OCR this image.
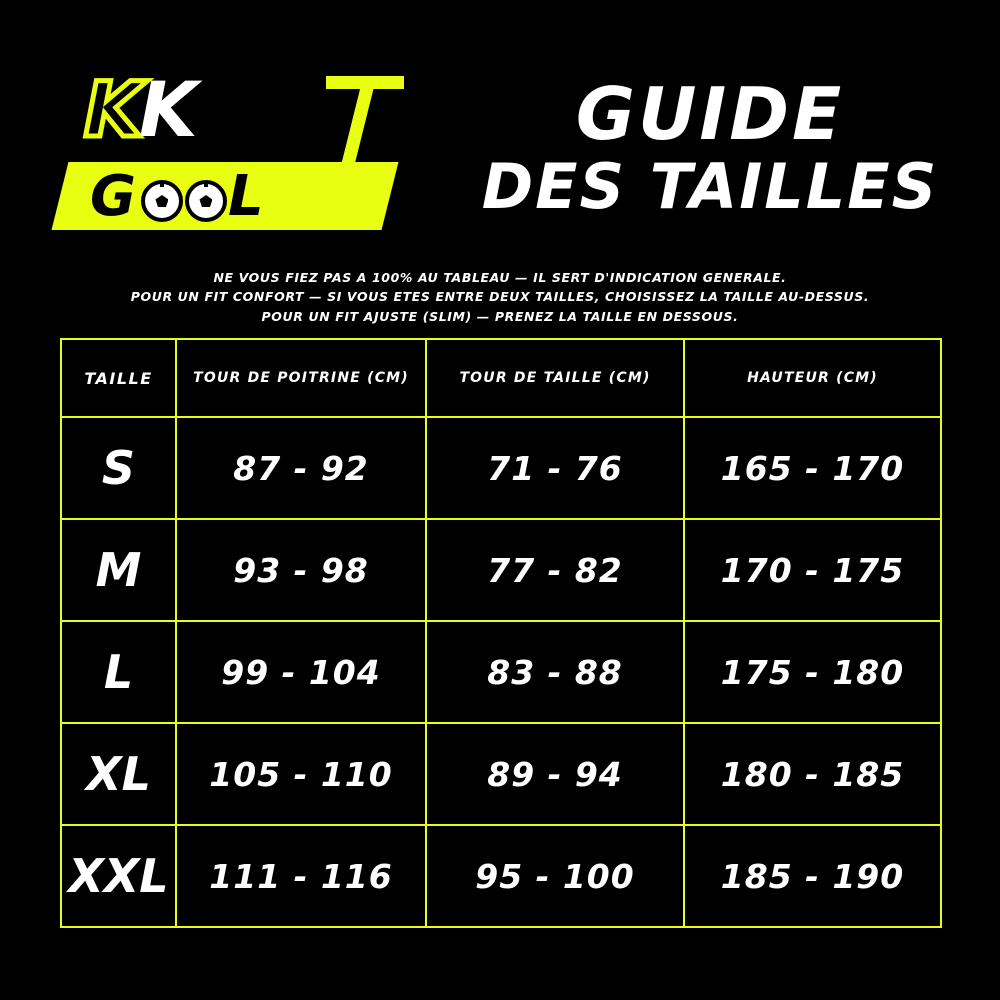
KK
G L
GUIDE
DES TAILLES
NE VOUS FIEZ PAS A 100% AU TABLEAU — IL SERT D'INDICATION GENERALE.
POUR UN FIT CONFORT — SI VOUS ETES ENTRE DEUX TAILLES, CHOISISSEZ LA TAILLE AU-DESSUS.
POUR UN FIT AJUSTE (SLIM) — PRENEZ LA TAILLE EN DESSOUS.
TAILLE	TOUR DE POITRINE (CM)	TOUR DE TAILLE (CM)	HAUTEUR (CM)
S	87 - 92	71 - 76	165 - 170
M	93 - 98	77 - 82	170 - 175
L	99 - 104	83 - 88	175 - 180
XL	105 - 110	89 - 94	180 - 185
XXL	111 - 116	95 - 100	185 - 190
